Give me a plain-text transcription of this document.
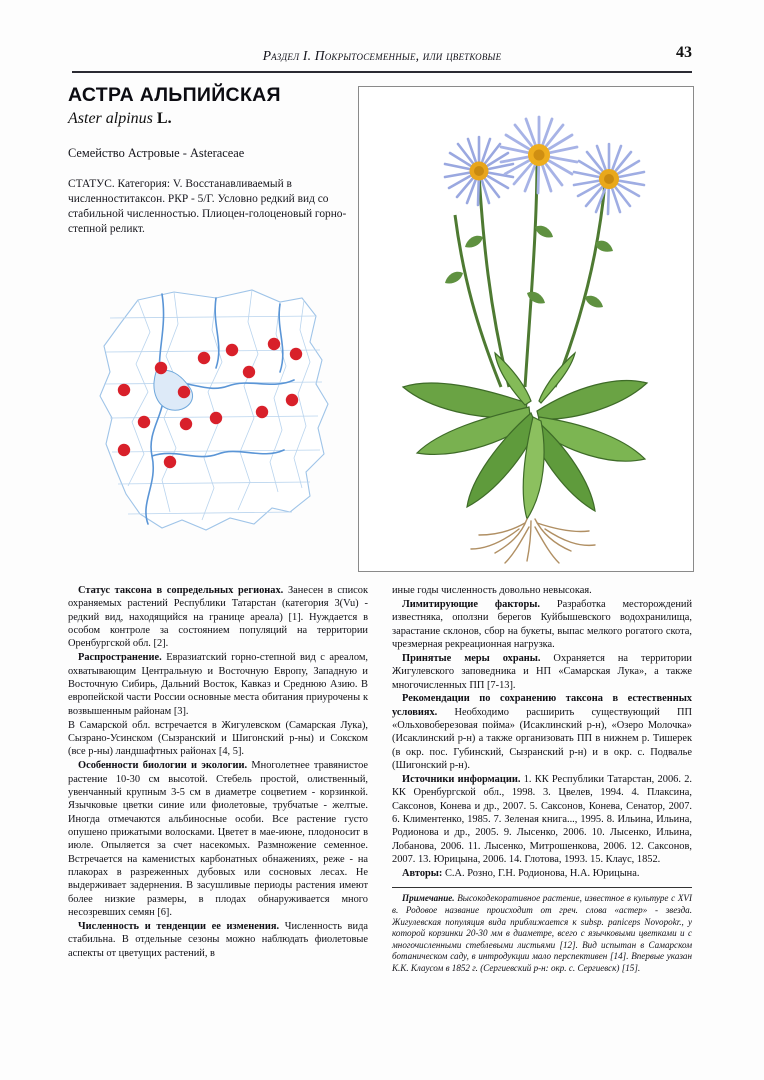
Раздел I. Покрытосеменные, или цветковые	43
АСТРА АЛЬПИЙСКАЯ
Aster alpinus L.
Семейство Астровые - Asteraceae

СТАТУС. Категория: V. Восстанавливаемый в численноститаксон. РКР - 5/Г. Условно редкий вид со стабильной численностью. Плиоцен-голоценовый горно-степной реликт.

Статус таксона в сопредельных регионах. Занесен в список охраняемых растений Республики Татарстан (категория 3(Vu) - редкий вид, находящийся на границе ареала) [1]. Нуждается в особом контроле за состоянием популяций на территории Оренбургской обл. [2].

Распространение. Евразиатский горно-степной вид с ареалом, охватывающим Центральную и Восточную Европу, Западную и Восточную Сибирь, Дальний Восток, Кавказ и Среднюю Азию. В европейской части России основные места обитания приурочены к возвышенным районам [3].

В Самарской обл. встречается в Жигулевском (Самарская Лука), Сызрано-Усинском (Сызранский и Шигонский р-ны) и Сокском (все р-ны) ландшафтных районах [4, 5].

Особенности биологии и экологии. Многолетнее травянистое растение 10-30 см высотой. Стебель простой, олиственный, увенчанный крупным 3-5 см в диаметре соцветием - корзинкой. Язычковые цветки синие или фиолетовые, трубчатые - желтые. Иногда отмечаются альбиносные особи. Все растение густо опушено прижатыми волосками. Цветет в мае-июне, плодоносит в июле. Опыляется за счет насекомых. Размножение семенное. Встречается на каменистых карбонатных обнажениях, реже - на плакорах в разреженных дубовых или сосновых лесах. Не выдерживает задернения. В засушливые периоды растения имеют более низкие размеры, в плодах обнаруживается много несозревших семян [6].

Численность и тенденции ее изменения. Численность вида стабильна. В отдельные сезоны можно наблюдать фиолетовые аспекты от цветущих растений, в

иные годы численность довольно невысокая.

Лимитирующие факторы. Разработка месторождений известняка, оползни берегов Куйбышевского водохранилища, зарастание склонов, сбор на букеты, выпас мелкого рогатого скота, чрезмерная рекреационная нагрузка.

Принятые меры охраны. Охраняется на территории Жигулевского заповедника и НП «Самарская Лука», а также многочисленных ПП [7-13].

Рекомендации по сохранению таксона в естественных условиях. Необходимо расширить существующий ПП «Ольховоберезовая пойма» (Исаклинский р-н), «Озеро Молочка» (Исаклинский р-н) а также организовать ПП в нижнем р. Тишерек (в окр. пос. Губинский, Сызранский р-н) и в окр. с. Подвалье (Шигонский р-н).

Источники информации. 1. КК Республики Татарстан, 2006. 2. КК Оренбургской обл., 1998. 3. Цвелев, 1994. 4. Плаксина, Саксонов, Конева и др., 2007. 5. Саксонов, Конева, Сенатор, 2007. 6. Климентенко, 1985. 7. Зеленая книга..., 1995. 8. Ильина, Ильина, Родионова и др., 2005. 9. Лысенко, 2006. 10. Лысенко, Ильина, Лобанова, 2006. 11. Лысенко, Митрошенкова, 2006. 12. Саксонов, 2007. 13. Юрицына, 2006. 14. Глотова, 1993. 15. Клаус, 1852.

Авторы: С.А. Розно, Г.Н. Родионова, Н.А. Юрицына.

Примечание. Высокодекоративное растение, известное в культуре с XVI в. Родовое название происходит от греч. слова «астер» - звезда. Жигулевская популяция вида приближается к subsp. paniceps Novopokr., у которой корзинки 20-30 мм в диаметре, всего с язычковыми цветками и с многочисленными стеблевыми листьями [12]. Вид испытан в Самарском ботаническом саду, в интродукции мало перспективен [14]. Впервые указан К.К. Клаусом в 1852 г. (Сергиевский р-н: окр. с. Сергиевск) [15].
